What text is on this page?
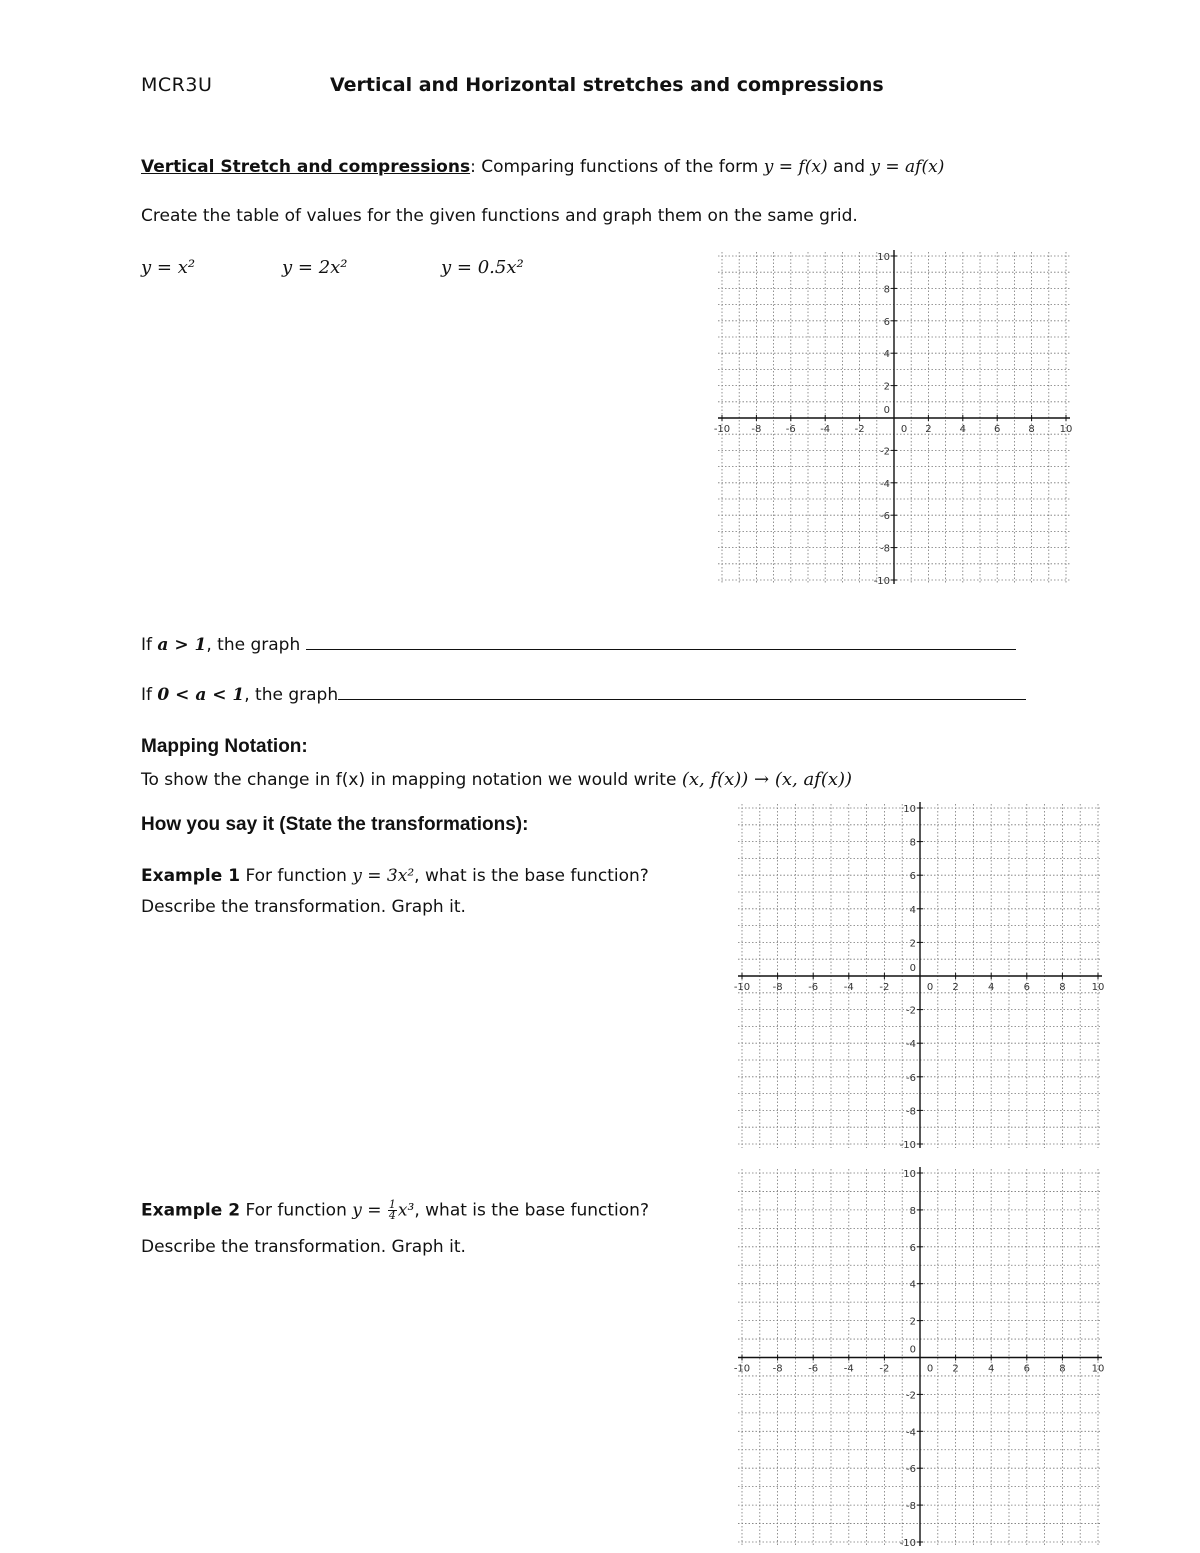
MCR3U	Vertical and Horizontal stretches and compressions
Vertical Stretch and compressions: Comparing functions of the form y = f(x) and y = af(x)
Create the table of values for the given functions and graph them on the same grid.
y = x²	y = 2x²	y = 0.5x²
-10 -8 -6 -4 -2	0 2	4	6	8 10
10
8
6
4
2
-2
-4
-6
-8
-10
0
If a > 1, the graph
If 0 < a < 1, the graph
Mapping Notation:
To show the change in f(x) in mapping notation we would write (x, f(x)) → (x, af(x))
How you say it (State the transformations):
Example 1 For function y = 3x², what is the base function?
Describe the transformation. Graph it.
-10 -8	-6	-4	-2	0 2	4	6	8	10
10
8
6
4
2
-2
-4
-6
-8
-10
0
Example 2 For function $y = \frac{1}{4} x^3$, what is the base function?
Describe the transformation. Graph it.
-10 -8	-6	-4	-2	0 2	4	6	8	10
10
8
6
4
2
-2
-4
-6
-8
-10
0
